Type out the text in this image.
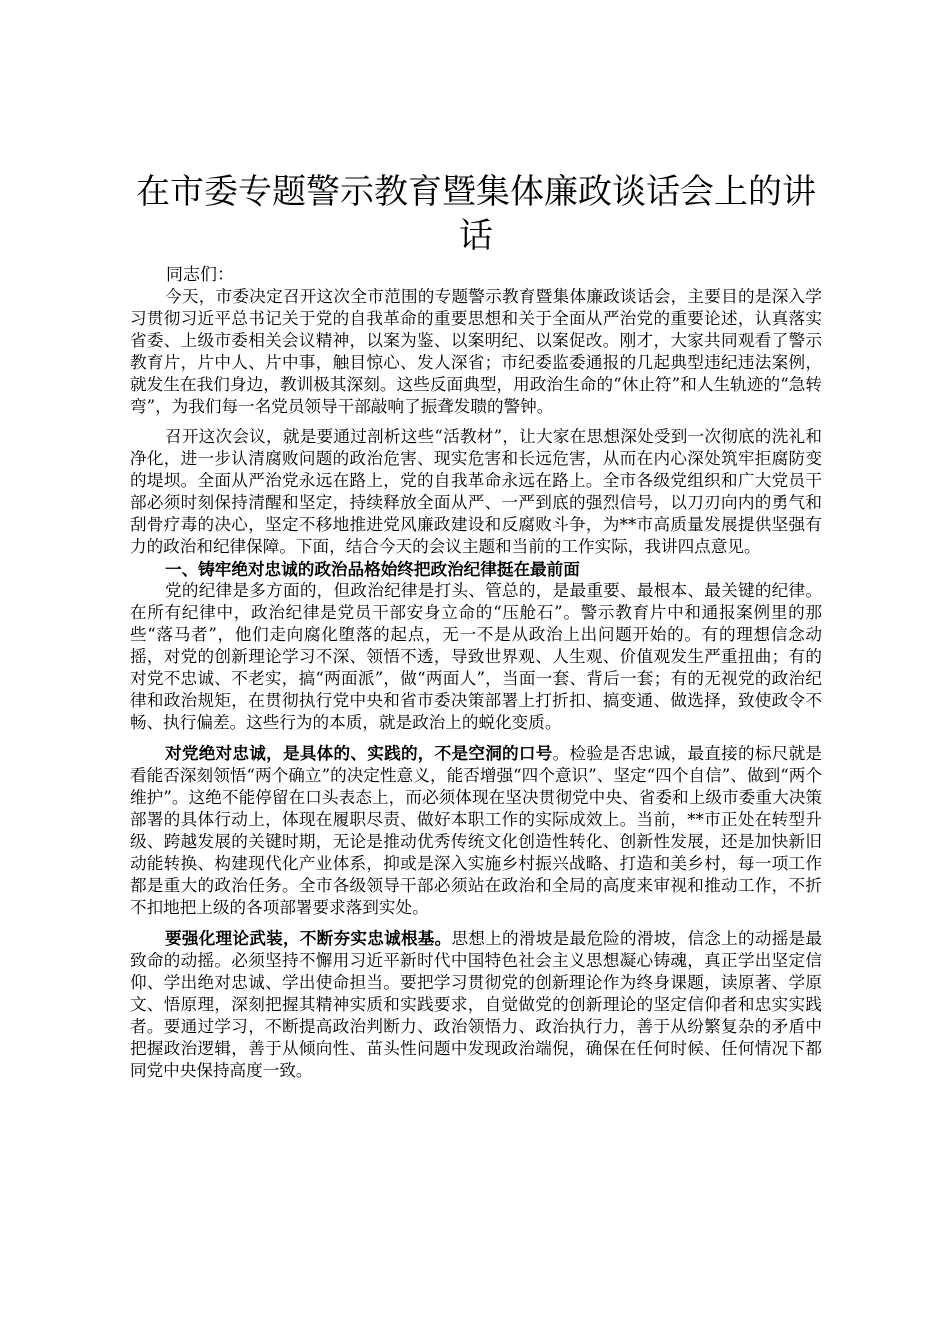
在市委专题警示教育暨集体廉政谈话会上的讲话

同志们：

今天，市委决定召开这次全市范围的专题警示教育暨集体廉政谈话会，主要目的是深入学习贯彻习近平总书记关于党的自我革命的重要思想和关于全面从严治党的重要论述，认真落实省委、上级市委相关会议精神，以案为鉴、以案明纪、以案促改。刚才，大家共同观看了警示教育片，片中人、片中事，触目惊心、发人深省；市纪委监委通报的几起典型违纪违法案例，就发生在我们身边，教训极其深刻。这些反面典型，用政治生命的“休止符”和人生轨迹的“急转弯”，为我们每一名党员领导干部敲响了振聋发聩的警钟。

召开这次会议，就是要通过剖析这些“活教材”，让大家在思想深处受到一次彻底的洗礼和净化，进一步认清腐败问题的政治危害、现实危害和长远危害，从而在内心深处筑牢拒腐防变的堤坝。全面从严治党永远在路上，党的自我革命永远在路上。全市各级党组织和广大党员干部必须时刻保持清醒和坚定，持续释放全面从严、一严到底的强烈信号，以刀刃向内的勇气和刮骨疗毒的决心，坚定不移地推进党风廉政建设和反腐败斗争，为**市高质量发展提供坚强有力的政治和纪律保障。下面，结合今天的会议主题和当前的工作实际，我讲四点意见。

一、铸牢绝对忠诚的政治品格始终把政治纪律挺在最前面

党的纪律是多方面的，但政治纪律是打头、管总的，是最重要、最根本、最关键的纪律。在所有纪律中，政治纪律是党员干部安身立命的“压舱石”。警示教育片中和通报案例里的那些“落马者”，他们走向腐化堕落的起点，无一不是从政治上出问题开始的。有的理想信念动摇，对党的创新理论学习不深、领悟不透，导致世界观、人生观、价值观发生严重扭曲；有的对党不忠诚、不老实，搞“两面派”，做“两面人”，当面一套、背后一套；有的无视党的政治纪律和政治规矩，在贯彻执行党中央和省市委决策部署上打折扣、搞变通、做选择，致使政令不畅、执行偏差。这些行为的本质，就是政治上的蜕化变质。

对党绝对忠诚，是具体的、实践的，不是空洞的口号。检验是否忠诚，最直接的标尺就是看能否深刻领悟“两个确立”的决定性意义，能否增强“四个意识”、坚定“四个自信”、做到“两个维护”。这绝不能停留在口头表态上，而必须体现在坚决贯彻党中央、省委和上级市委重大决策部署的具体行动上，体现在履职尽责、做好本职工作的实际成效上。当前，**市正处在转型升级、跨越发展的关键时期，无论是推动优秀传统文化创造性转化、创新性发展，还是加快新旧动能转换、构建现代化产业体系，抑或是深入实施乡村振兴战略、打造和美乡村，每一项工作都是重大的政治任务。全市各级领导干部必须站在政治和全局的高度来审视和推动工作，不折不扣地把上级的各项部署要求落到实处。

要强化理论武装，不断夯实忠诚根基。思想上的滑坡是最危险的滑坡，信念上的动摇是最致命的动摇。必须坚持不懈用习近平新时代中国特色社会主义思想凝心铸魂，真正学出坚定信仰、学出绝对忠诚、学出使命担当。要把学习贯彻党的创新理论作为终身课题，读原著、学原文、悟原理，深刻把握其精神实质和实践要求，自觉做党的创新理论的坚定信仰者和忠实实践者。要通过学习，不断提高政治判断力、政治领悟力、政治执行力，善于从纷繁复杂的矛盾中把握政治逻辑，善于从倾向性、苗头性问题中发现政治端倪，确保在任何时候、任何情况下都同党中央保持高度一致。
